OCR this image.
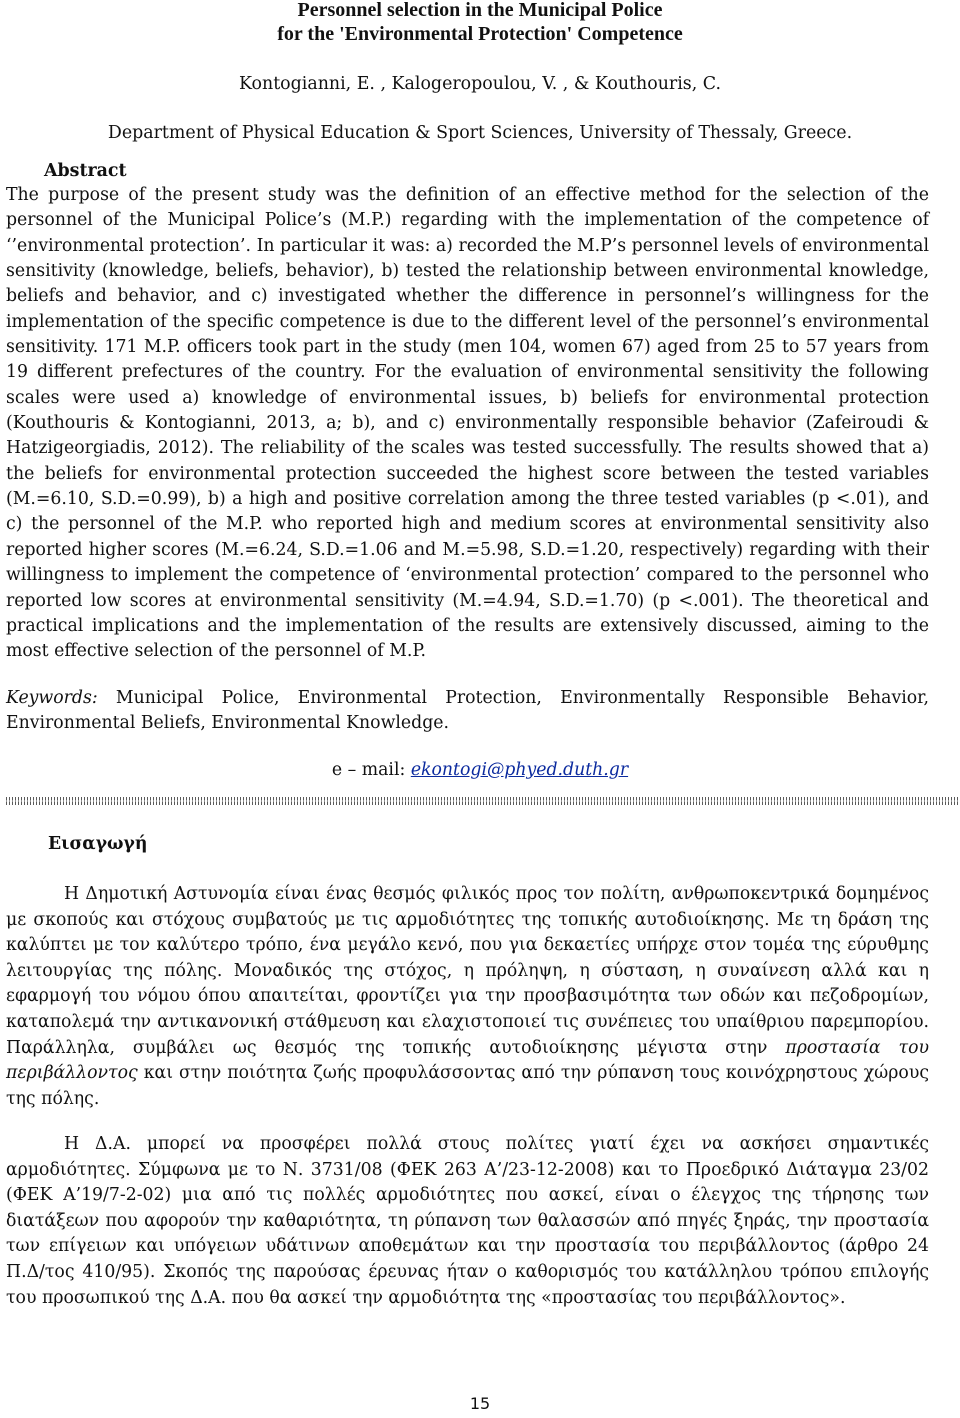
Personnel selection in the Municipal Police
for the 'Environmental Protection' Competence
Kontogianni, E. , Kalogeropoulou, V. , & Kouthouris, C.
Department of Physical Education & Sport Sciences, University of Thessaly, Greece.
Abstract

The purpose of the present study was the definition of an effective method for the selection of the personnel of the Municipal Police’s (M.P.) regarding with the implementation of the competence of ‘’environmental protection’. In particular it was: a) recorded the M.P’s personnel levels of environmental sensitivity (knowledge, beliefs, behavior), b) tested the relationship between environmental knowledge, beliefs and behavior, and c) investigated whether the difference in personnel’s willingness for the implementation of the specific competence is due to the different level of the personnel’s environmental sensitivity. 171 M.P. officers took part in the study (men 104, women 67) aged from 25 to 57 years from 19 different prefectures of the country. For the evaluation of environmental sensitivity the following scales were used a) knowledge of environmental issues, b) beliefs for environmental protection (Kouthouris & Kontogianni, 2013, a; b), and c) environmentally responsible behavior (Zafeiroudi & Hatzigeorgiadis, 2012). The reliability of the scales was tested successfully. The results showed that a) the beliefs for environmental protection succeeded the highest score between the tested variables (M.=6.10, S.D.=0.99), b) a high and positive correlation among the three tested variables (p <.01), and c) the personnel of the M.P. who reported high and medium scores at environmental sensitivity also reported higher scores (M.=6.24, S.D.=1.06 and M.=5.98, S.D.=1.20, respectively) regarding with their willingness to implement the competence of ‘environmental protection’ compared to the personnel who reported low scores at environmental sensitivity (M.=4.94, S.D.=1.70) (p <.001). The theoretical and practical implications and the implementation of the results are extensively discussed, aiming to the most effective selection of the personnel of M.P.

Keywords: Municipal Police, Environmental Protection, Environmentally Responsible Behavior, Environmental Beliefs, Environmental Knowledge.

e – mail: ekontogi@phyed.duth.gr
Εισαγωγή

Η Δημοτική Αστυνομία είναι ένας θεσμός φιλικός προς τον πολίτη, ανθρωποκεντρικά δομημένος με σκοπούς και στόχους συμβατούς με τις αρμοδιότητες της τοπικής αυτοδιοίκησης. Με τη δράση της καλύπτει με τον καλύτερο τρόπο, ένα μεγάλο κενό, που για δεκαετίες υπήρχε στον τομέα της εύρυθμης λειτουργίας της πόλης. Μοναδικός της στόχος, η πρόληψη, η σύσταση, η συναίνεση αλλά και η εφαρμογή του νόμου όπου απαιτείται, φροντίζει για την προσβασιμότητα των οδών και πεζοδρομίων, καταπολεμά την αντικανονική στάθμευση και ελαχιστοποιεί τις συνέπειες του υπαίθριου παρεμπορίου. Παράλληλα, συμβάλει ως θεσμός της τοπικής αυτοδιοίκησης μέγιστα στην προστασία του περιβάλλοντος και στην ποιότητα ζωής προφυλάσσοντας από την ρύπανση τους κοινόχρηστους χώρους της πόλης.

Η Δ.Α. μπορεί να προσφέρει πολλά στους πολίτες γιατί έχει να ασκήσει σημαντικές αρμοδιότητες. Σύμφωνα με το Ν. 3731/08 (ΦΕΚ 263 Α’/23-12-2008) και το Προεδρικό Διάταγμα 23/02 (ΦΕΚ Α’19/7-2-02) μια από τις πολλές αρμοδιότητες που ασκεί, είναι ο έλεγχος της τήρησης των διατάξεων που αφορούν την καθαριότητα, τη ρύπανση των θαλασσών από πηγές ξηράς, την προστασία των επίγειων και υπόγειων υδάτινων αποθεμάτων και την προστασία του περιβάλλοντος (άρθρο 24 Π.Δ/τος 410/95). Σκοπός της παρούσας έρευνας ήταν ο καθορισμός του κατάλληλου τρόπου επιλογής του προσωπικού της Δ.Α. που θα ασκεί την αρμοδιότητα της «προστασίας του περιβάλλοντος».

15
